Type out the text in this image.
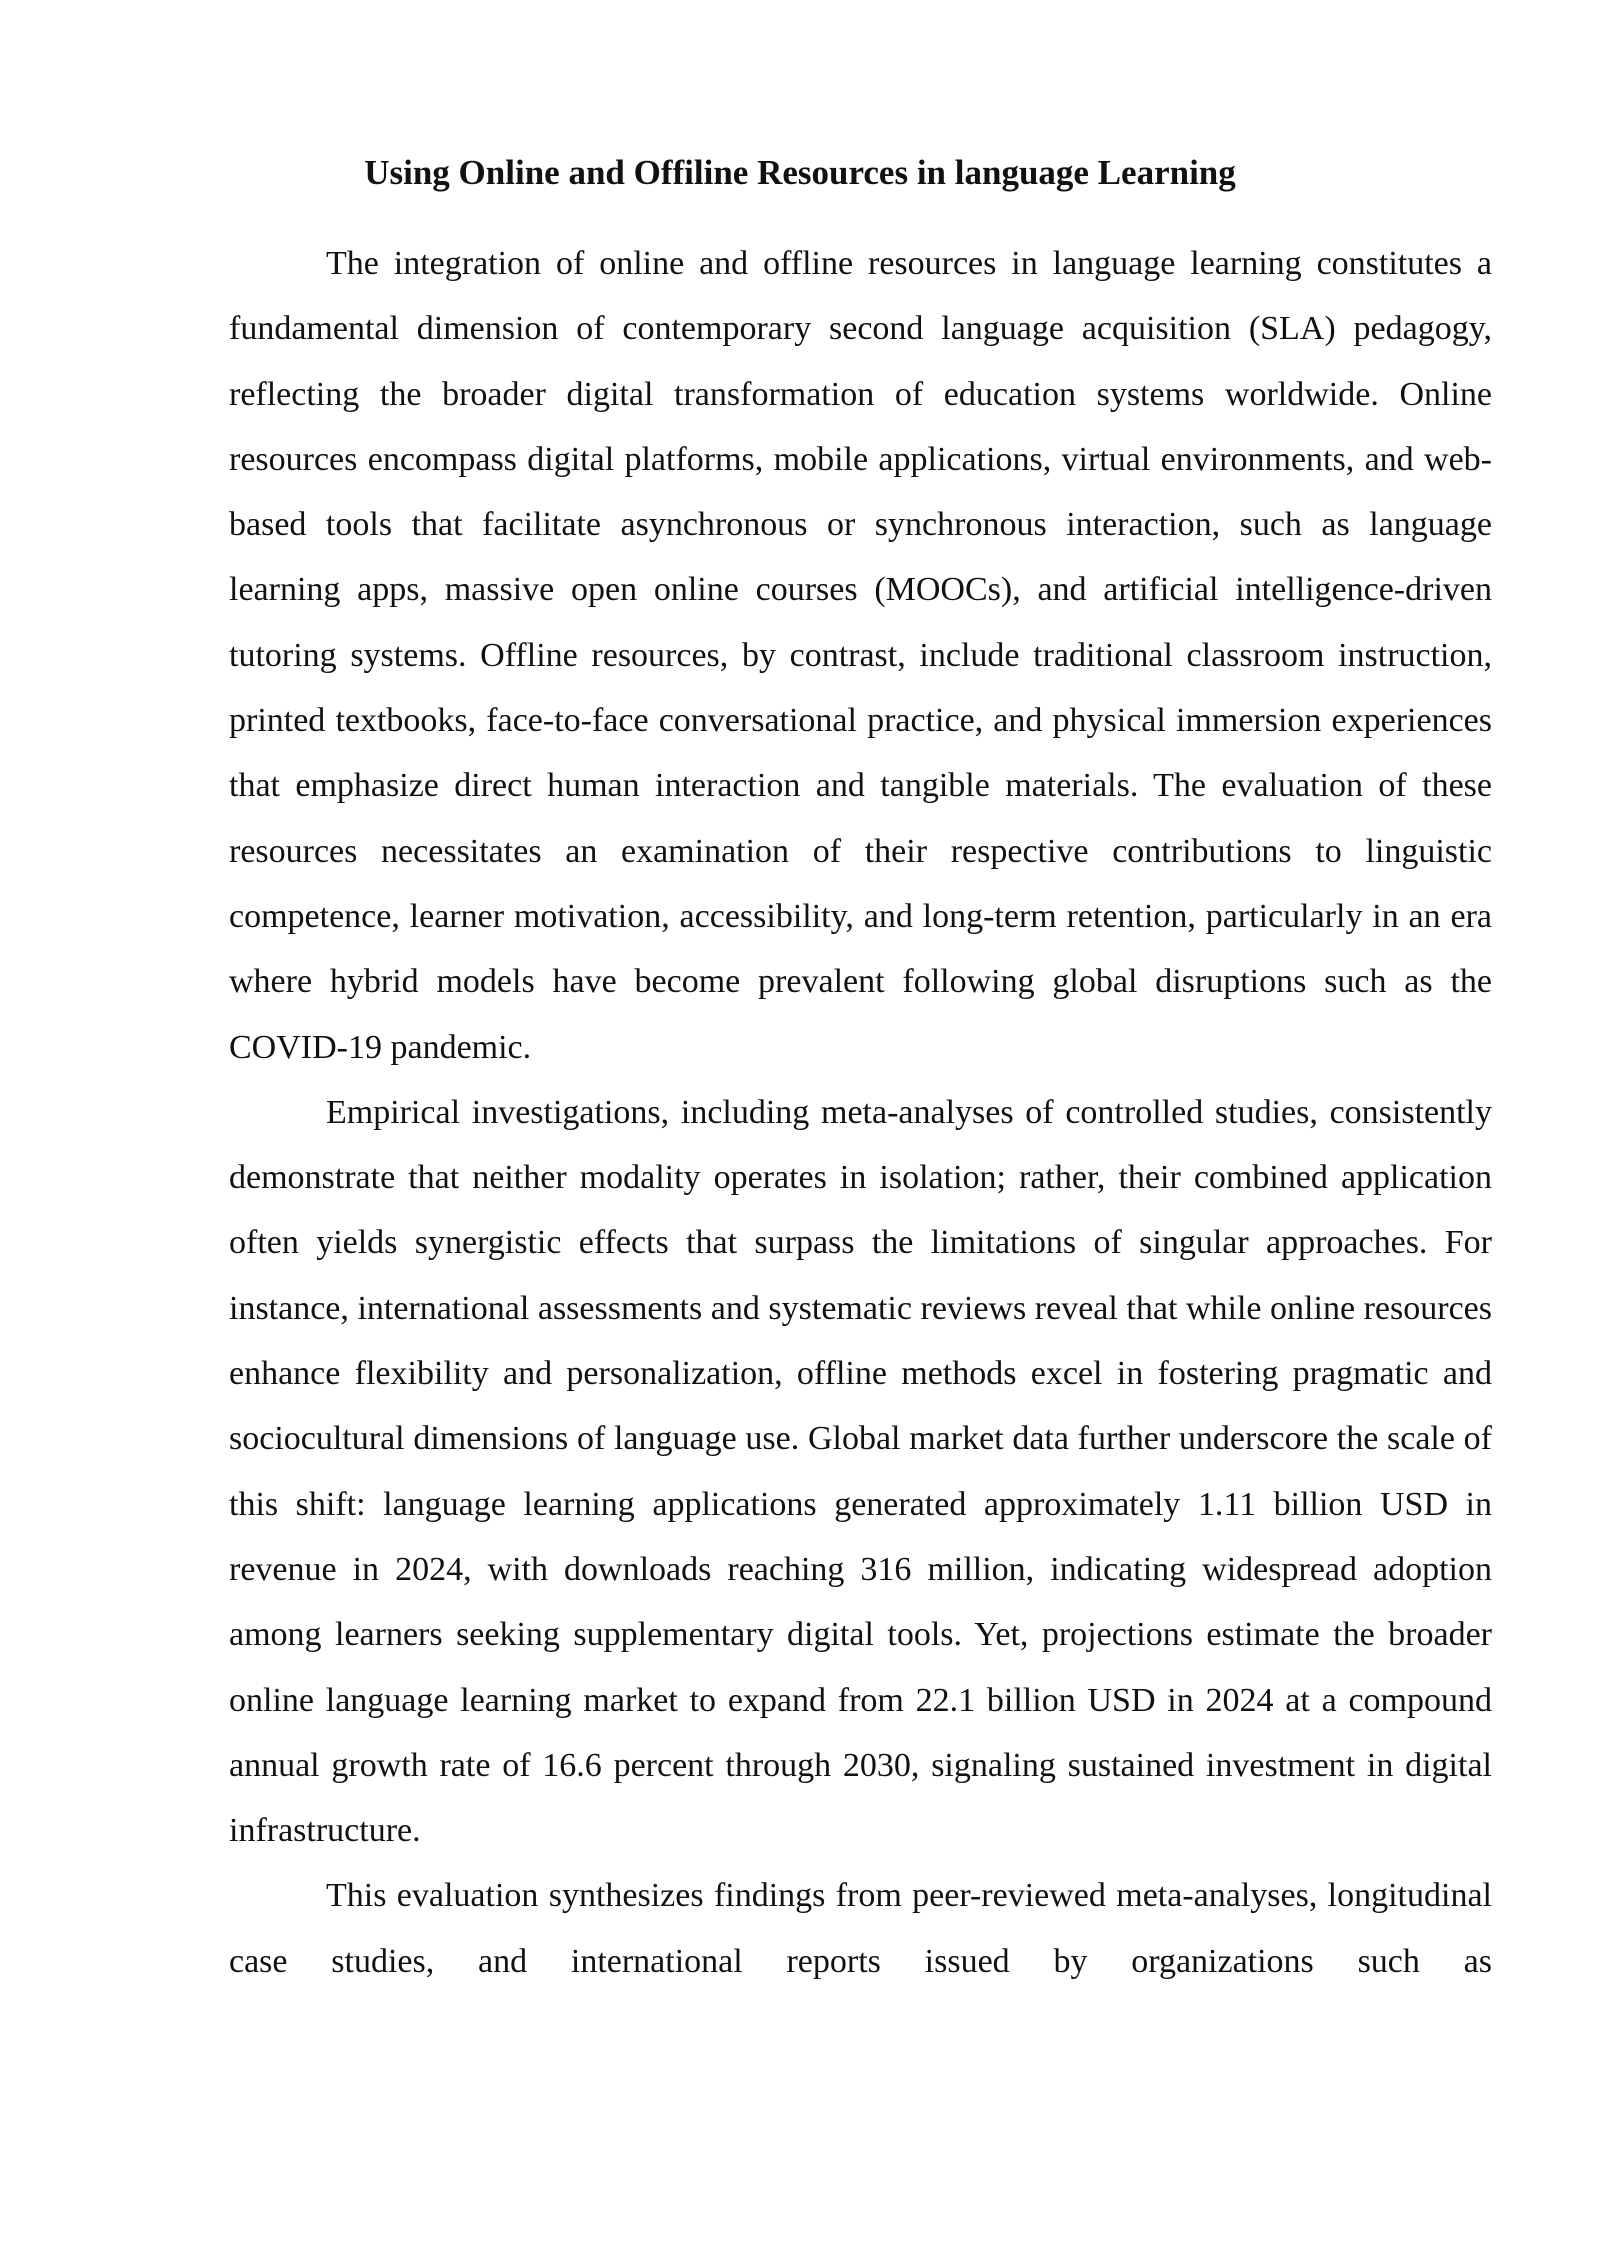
Using Online and Offiline Resources in language Learning

The integration of online and offline resources in language learning constitutes a fundamental dimension of contemporary second language acquisition (SLA) pedagogy, reflecting the broader digital transformation of education systems worldwide. Online resources encompass digital platforms, mobile applications, virtual environments, and web-based tools that facilitate asynchronous or synchronous interaction, such as language learning apps, massive open online courses (MOOCs), and artificial intelligence-driven tutoring systems. Offline resources, by contrast, include traditional classroom instruction, printed textbooks, face-to-face conversational practice, and physical immersion experiences that emphasize direct human interaction and tangible materials. The evaluation of these resources necessitates an examination of their respective contributions to linguistic competence, learner motivation, accessibility, and long-term retention, particularly in an era where hybrid models have become prevalent following global disruptions such as the COVID-19 pandemic.

Empirical investigations, including meta-analyses of controlled studies, consistently demonstrate that neither modality operates in isolation; rather, their combined application often yields synergistic effects that surpass the limitations of singular approaches. For instance, international assessments and systematic reviews reveal that while online resources enhance flexibility and personalization, offline methods excel in fostering pragmatic and sociocultural dimensions of language use. Global market data further underscore the scale of this shift: language learning applications generated approximately 1.11 billion USD in revenue in 2024, with downloads reaching 316 million, indicating widespread adoption among learners seeking supplementary digital tools. Yet, projections estimate the broader online language learning market to expand from 22.1 billion USD in 2024 at a compound annual growth rate of 16.6 percent through 2030, signaling sustained investment in digital infrastructure.

This evaluation synthesizes findings from peer-reviewed meta-analyses, longitudinal case studies, and international reports issued by organizations such as
